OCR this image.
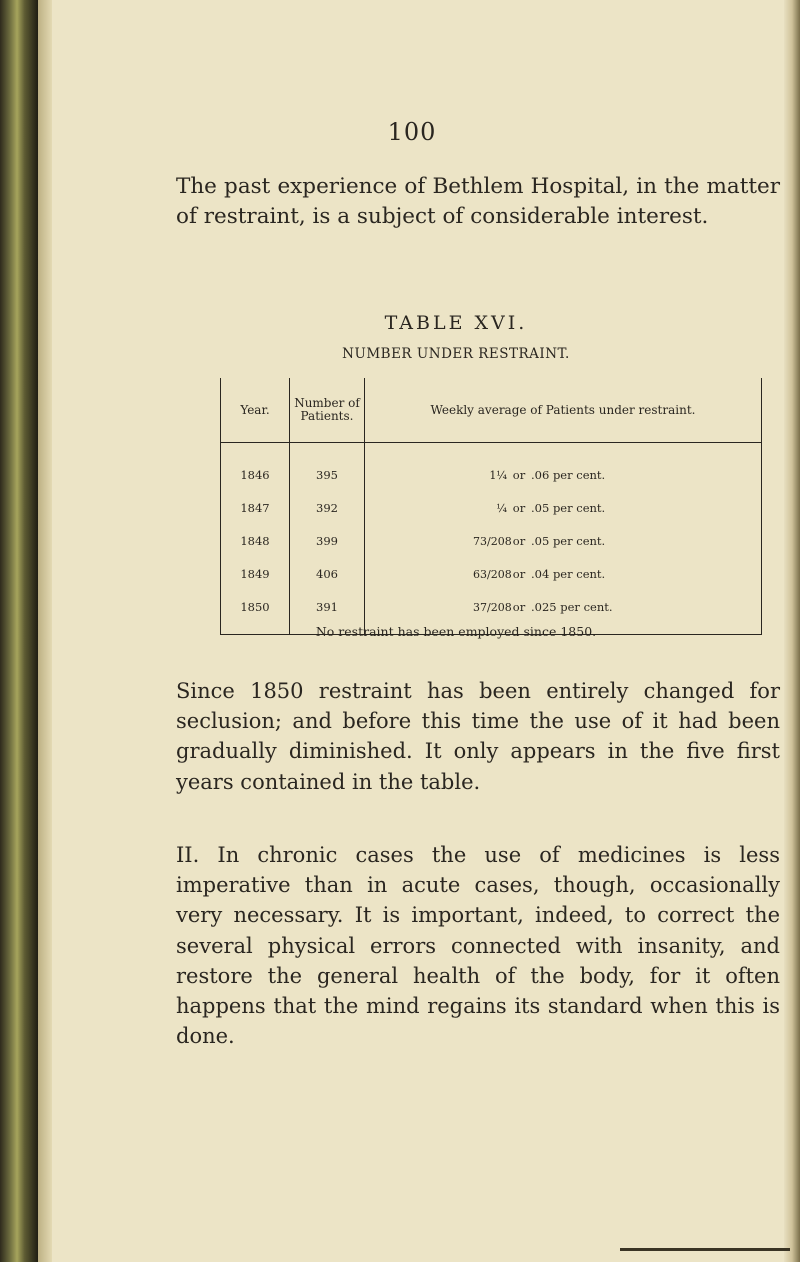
100
The past experience of Bethlem Hospital, in the matter of restraint, is a subject of considerable interest.
TABLE XVI.
NUMBER UNDER RESTRAINT.
Year.	Number of Patients.	Weekly average of Patients under restraint.
1846	395	1¼ or .06 per cent.
1847	392	¼ or .05 per cent.
1848	399	73/208or .05 per cent.
1849	406	63/208or .04 per cent.
1850	391	37/208or .025 per cent.
No restraint has been employed since 1850.
Since 1850 restraint has been entirely changed for seclusion; and before this time the use of it had been gradually diminished. It only appears in the five first years contained in the table.
II. In chronic cases the use of medicines is less imperative than in acute cases, though, occasionally very necessary. It is important, indeed, to correct the several physical errors connected with insanity, and restore the general health of the body, for it often happens that the mind regains its standard when this is done.
